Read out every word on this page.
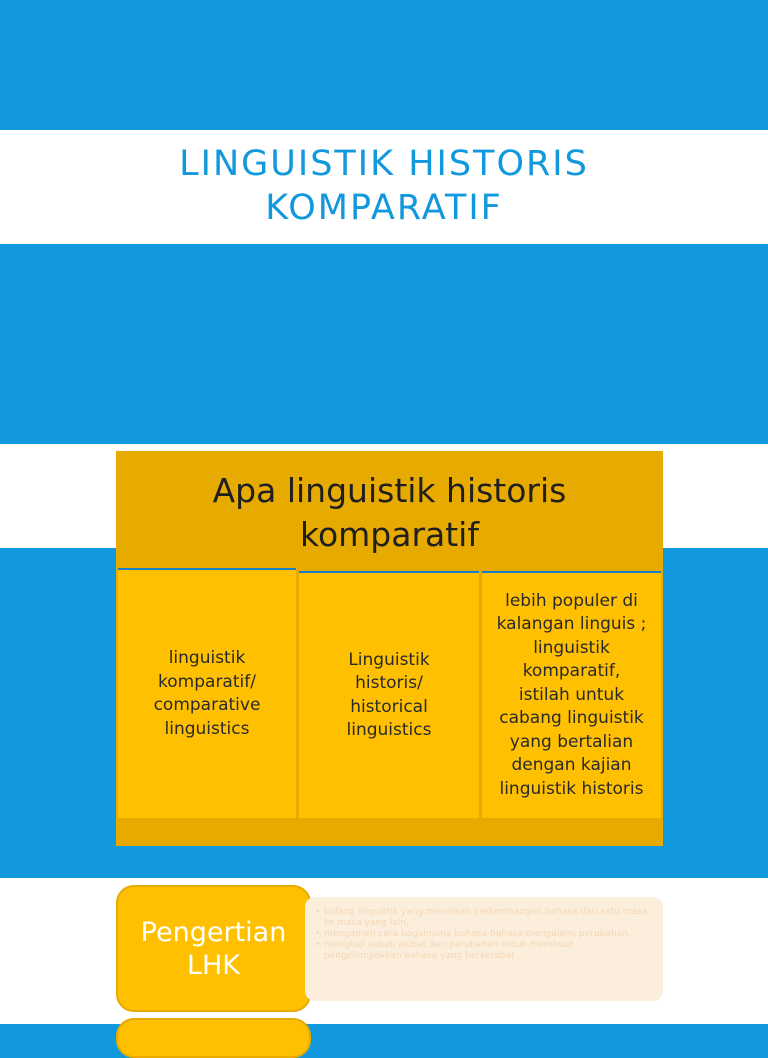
LINGUISTIK HISTORIS
KOMPARATIF
Apa linguistik historis
komparatif
linguistik
komparatif/
comparative
linguistics
Linguistik
historis/
historical
linguistics
lebih populer di
kalangan linguis ;
linguistik
komparatif,
istilah untuk
cabang linguistik
yang bertalian
dengan kajian
linguistik historis
Pengertian
LHK
• bidang linguistik yang menelaah perkembangan bahasa dari satu masa ke masa yang lain,
• mengamati cara bagaimana bahasa-bahasa mengalami perubahan,
• mengkaji sebab akibat dari perubahan untuk membuat pengelompokkan bahasa yang berkerabat
